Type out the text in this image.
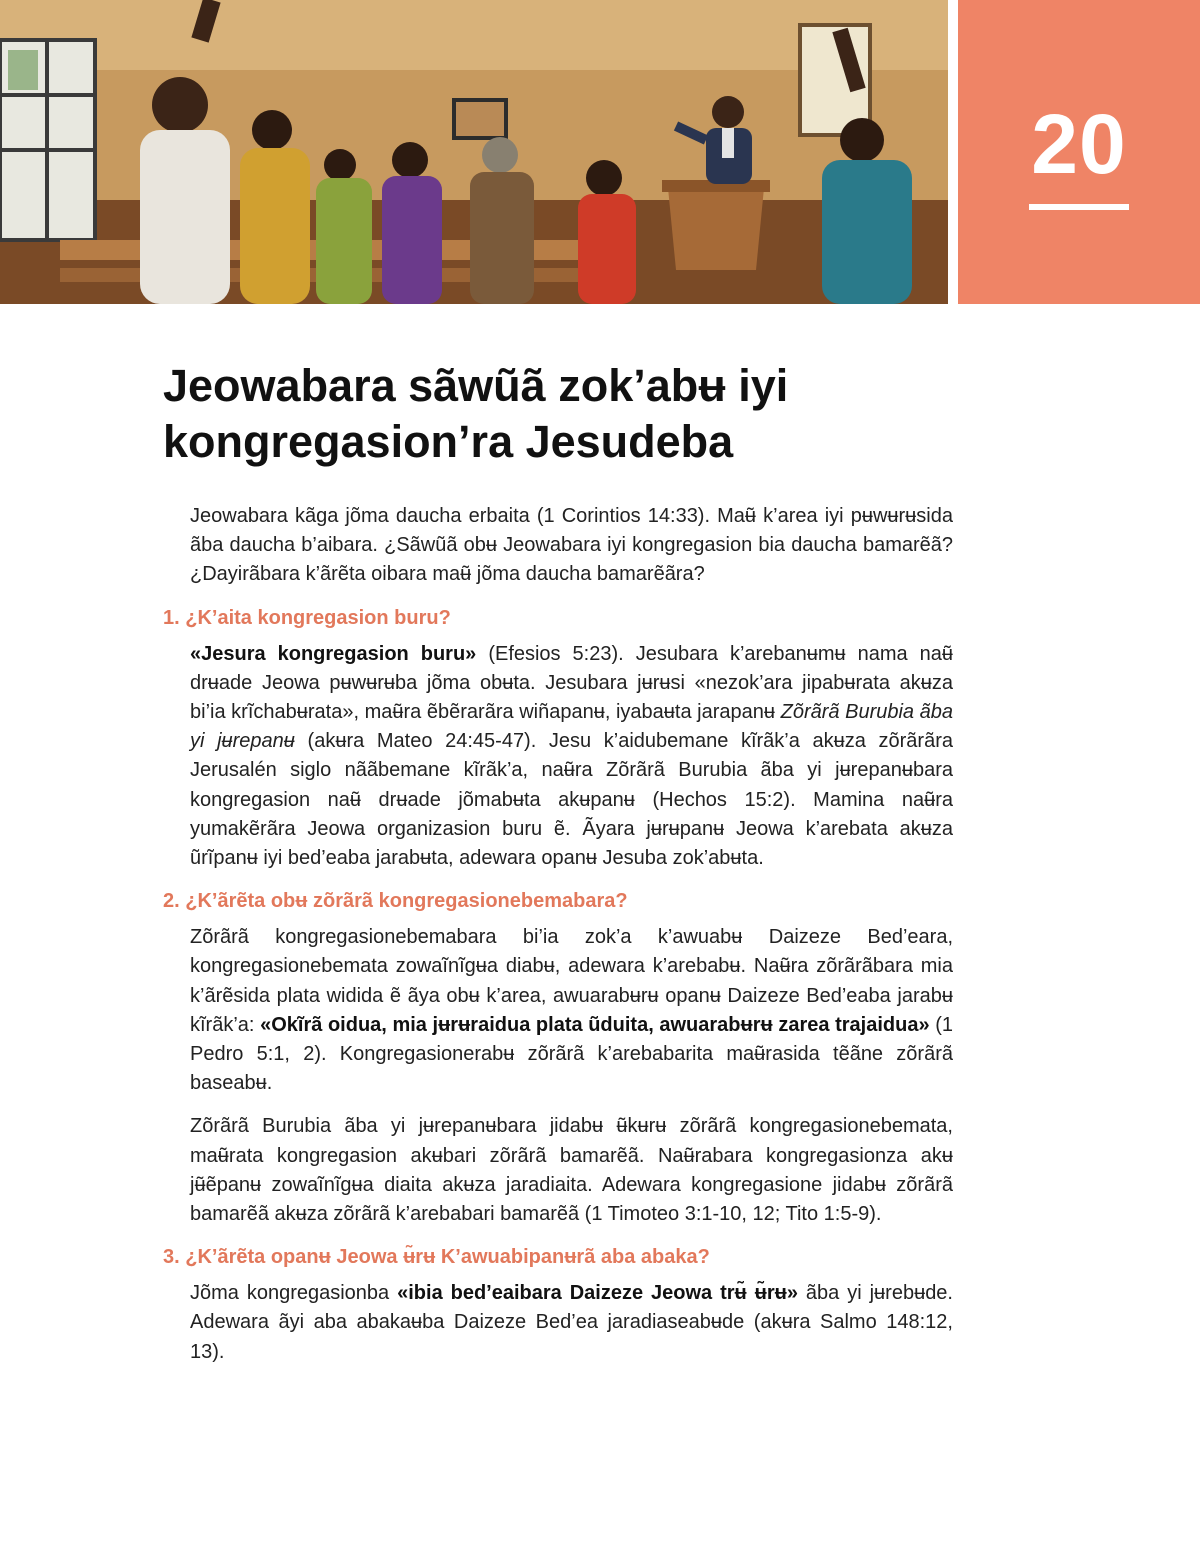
20
Jeowabara sãwũã zok’abʉ iyi kongregasion’ra Jesudeba

Jeowabara kãga jõma daucha erbaita (1 Corintios 14:33). Maʉ̃ k’area iyi pʉwʉrʉsida ãba daucha b’aibara. ¿Sãwũã obʉ Jeowabara iyi kongregasion bia daucha bamarẽã? ¿Dayirãbara k’ãrẽta oibara maʉ̃ jõma daucha bamarẽãra?

1. ¿K’aita kongregasion buru?

«Jesura kongregasion buru» (Efesios 5:23). Jesubara k’arebanʉmʉ nama naʉ̃ drʉade Jeowa pʉwʉrʉba jõma obʉta. Jesubara jʉrʉsi «nezok’ara jipabʉrata akʉza bi’ia krĩchabʉrata», maʉ̃ra ẽbẽrarãra wiñapanʉ, iyabaʉta jarapanʉ Zõrãrã Burubia ãba yi jʉrepanʉ (akʉra Mateo 24:45-47). Jesu k’aidubemane kĩrãk’a akʉza zõrãrãra Jerusalén siglo nããbemane kĩrãk’a, naʉ̃ra Zõrãrã Burubia ãba yi jʉrepanʉbara kongregasion naʉ̃ drʉade jõmabʉta akʉpanʉ (Hechos 15:2). Mamina naʉ̃ra yumakẽrãra Jeowa organizasion buru ẽ. Ãyara jʉrʉpanʉ Jeowa k’arebata akʉza ũrĩpanʉ iyi bed’eaba jarabʉta, adewara opanʉ Jesuba zok’abʉta.

2. ¿K’ãrẽta obʉ zõrãrã kongregasionebemabara?

Zõrãrã kongregasionebemabara bi’ia zok’a k’awuabʉ Daizeze Bed’eara, kongregasionebemata zowaĩnĩgʉa diabʉ, adewara k’arebabʉ. Naʉ̃ra zõrãrãbara mia k’ãrẽsida plata widida ẽ ãya obʉ k’area, awuarabʉrʉ opanʉ Daizeze Bed’eaba jarabʉ kĩrãk’a: «Okĩrã oidua, mia jʉrʉraidua plata ũduita, awuarabʉrʉ zarea trajaidua» (1 Pedro 5:1, 2). Kongregasionerabʉ zõrãrã k’arebabarita maʉ̃rasida tẽãne zõrãrã baseabʉ.

Zõrãrã Burubia ãba yi jʉrepanʉbara jidabʉ ʉ̃kʉrʉ zõrãrã kongregasionebemata, maʉ̃rata kongregasion akʉbari zõrãrã bamarẽã. Naʉ̃rabara kongregasionza akʉ jʉ̃ẽpanʉ zowaĩnĩgʉa diaita akʉza jaradiaita. Adewara kongregasione jidabʉ zõrãrã bamarẽã akʉza zõrãrã k’arebabari bamarẽã (1 Timoteo 3:1-10, 12; Tito 1:5-9).

3. ¿K’ãrẽta opanʉ Jeowa ʉ̃rʉ K’awuabipanʉrã aba abaka?

Jõma kongregasionba «ibia bed’eaibara Daizeze Jeowa trʉ̃ ʉ̃rʉ» ãba yi jʉrebʉde. Adewara ãyi aba abakaʉba Daizeze Bed’ea jaradiaseabʉde (akʉra Salmo 148:12, 13).
